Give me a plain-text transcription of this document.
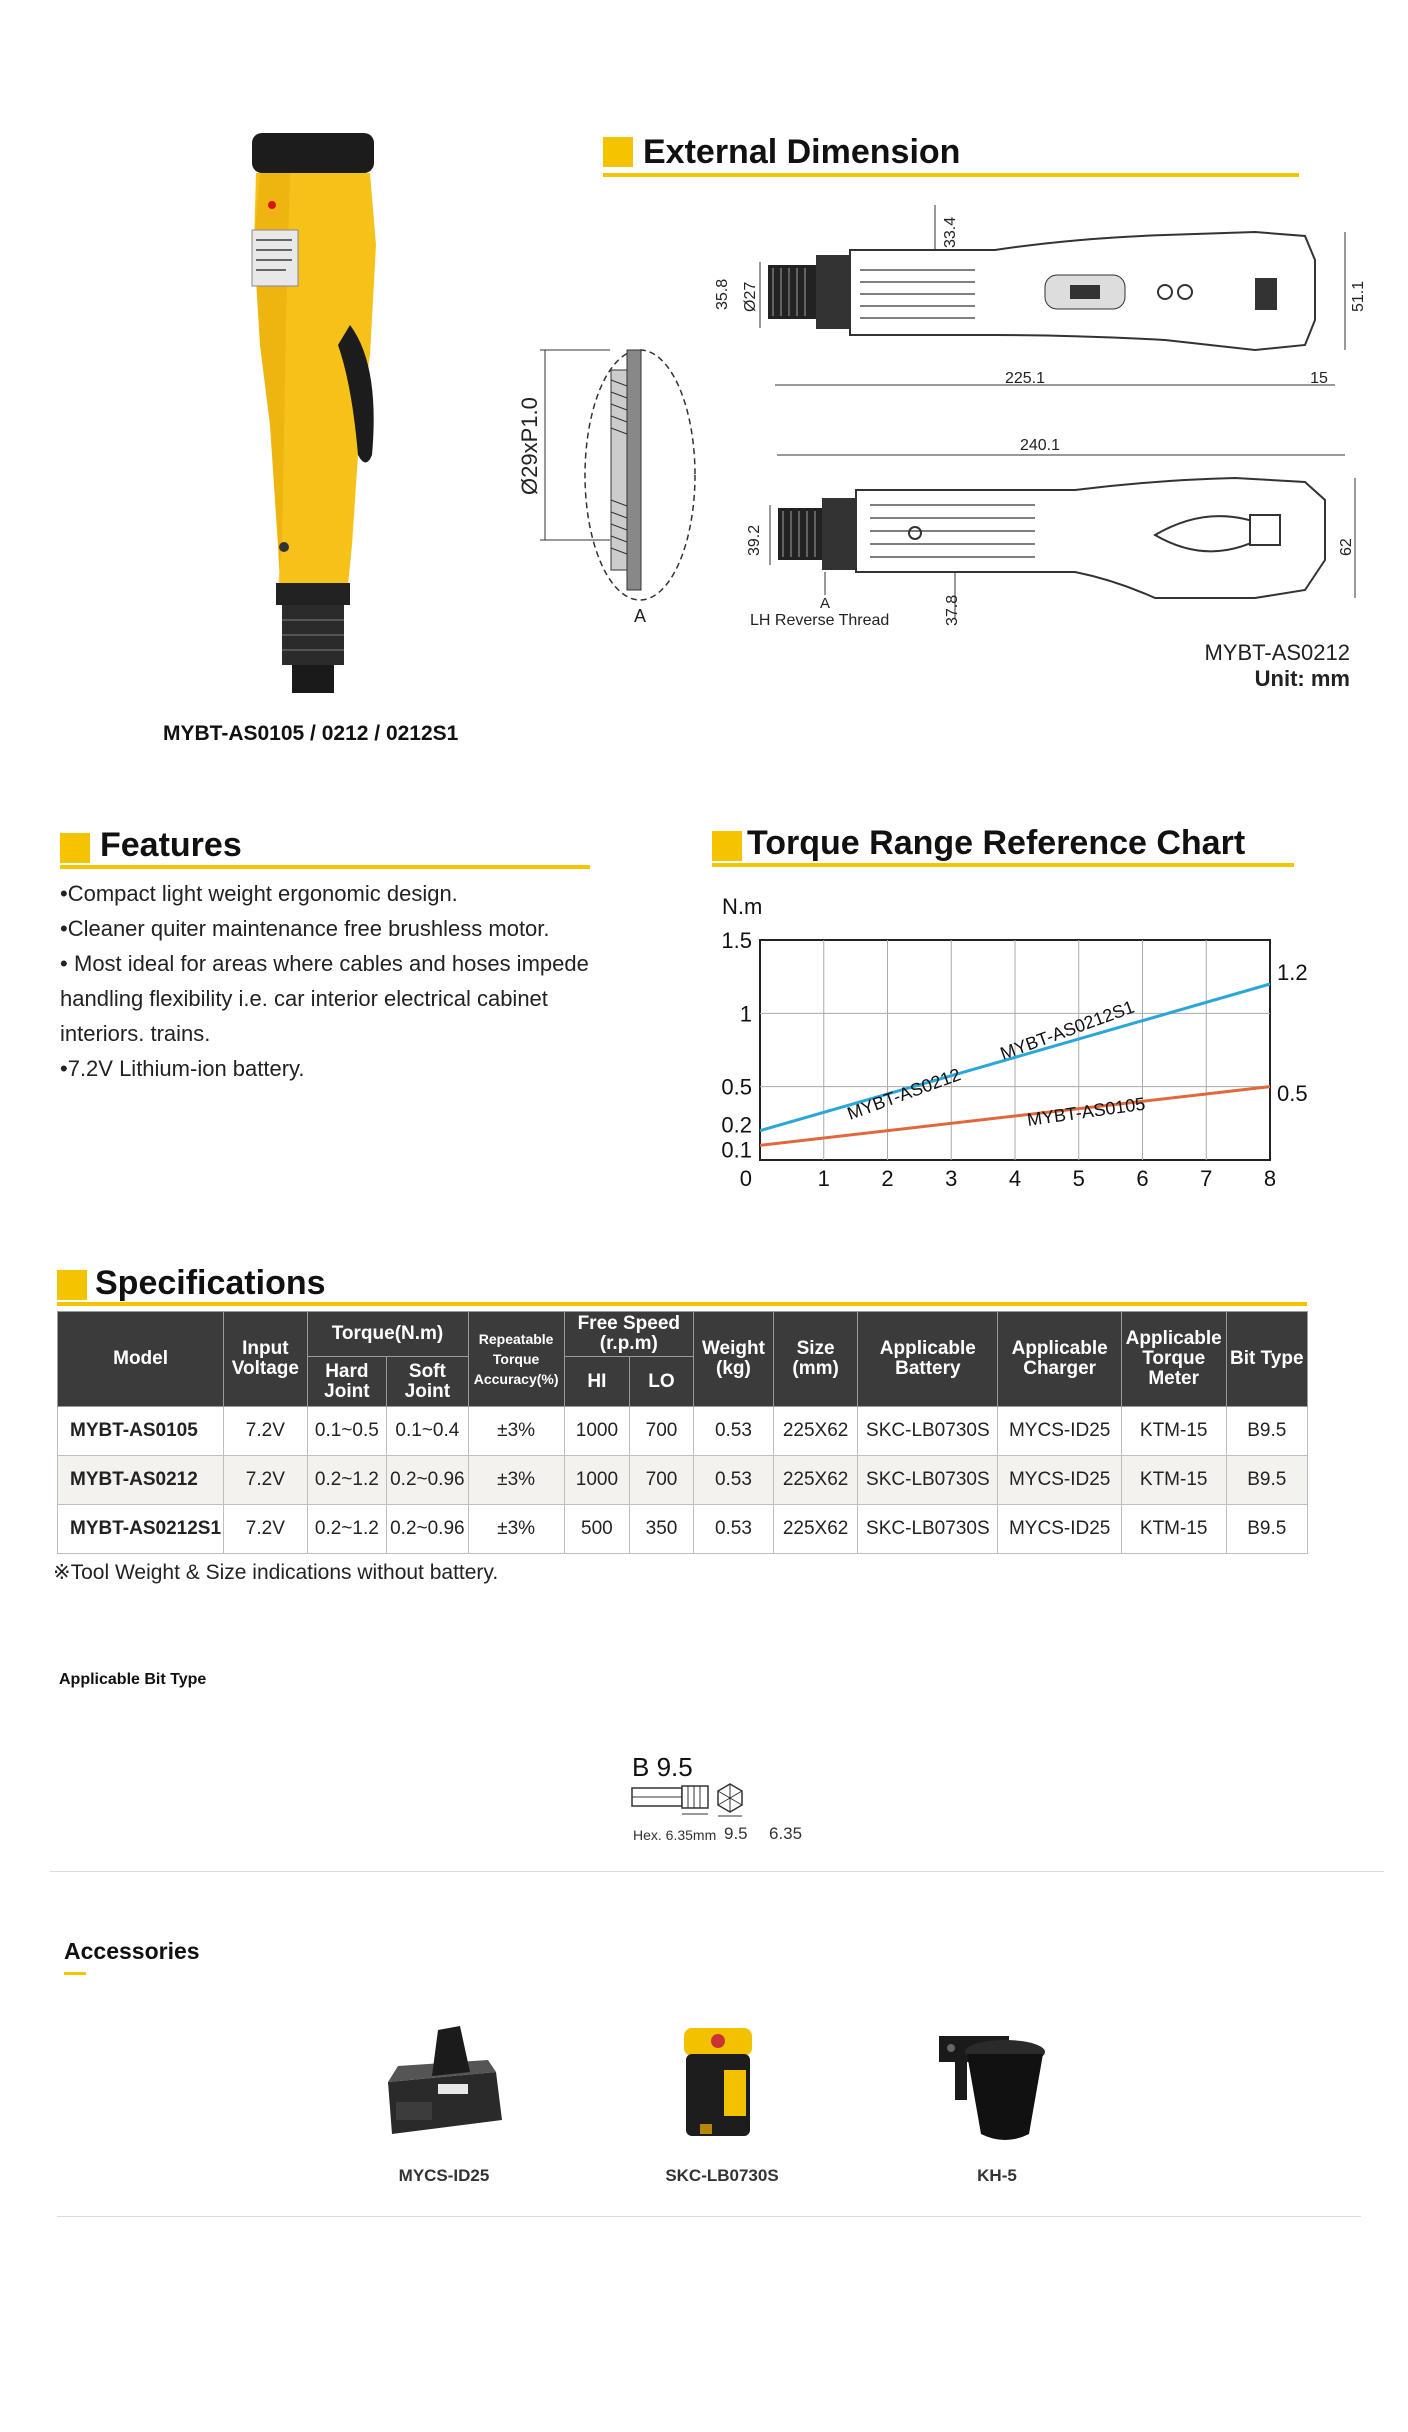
MYBT-AS0105 / 0212 / 0212S1
External Dimension
Ø29xP1.0
A
35.8 Ø27
33.4
51.1
225.1	15
240.1
39.2	62
37.8
A
LH Reverse Thread
MYBT-AS0212
Unit: mm
Features
•Compact light weight ergonomic design.
•Cleaner quiter maintenance free brushless motor.
• Most ideal for areas where cables and hoses impede handling flexibility i.e. car interior electrical cabinet interiors. trains.
•7.2V Lithium-ion battery.
Torque Range Reference Chart
N.m
1.5
1
0.5
0.2
0.1
0	1 2 3 4 5 6 7 8
1.2
0.5
MYBT-AS0212
MYBT-AS0212S1
MYBT-AS0105
Specifications
Model	Input Voltage	Torque(N.m)		Repeatable Torque Accuracy(%)	Free Speed (r.p.m)		Weight (kg)	Size (mm)	Applicable Battery	Applicable Charger	Applicable Torque Meter	Bit Type
		Hard Joint	Soft Joint		HI	LO						
MYBT-AS0105	7.2V	0.1~0.5	0.1~0.4	±3%	1000	700	0.53	225X62	SKC-LB0730S	MYCS-ID25	KTM-15	B9.5
MYBT-AS0212	7.2V	0.2~1.2	0.2~0.96	±3%	1000	700	0.53	225X62	SKC-LB0730S	MYCS-ID25	KTM-15	B9.5
MYBT-AS0212S1	7.2V	0.2~1.2	0.2~0.96	±3%	500	350	0.53	225X62	SKC-LB0730S	MYCS-ID25	KTM-15	B9.5
※Tool Weight & Size indications without battery.
Applicable Bit Type
B 9.5
Hex. 6.35mm 9.5 6.35
Accessories
MYCS-ID25	SKC-LB0730S	KH-5
